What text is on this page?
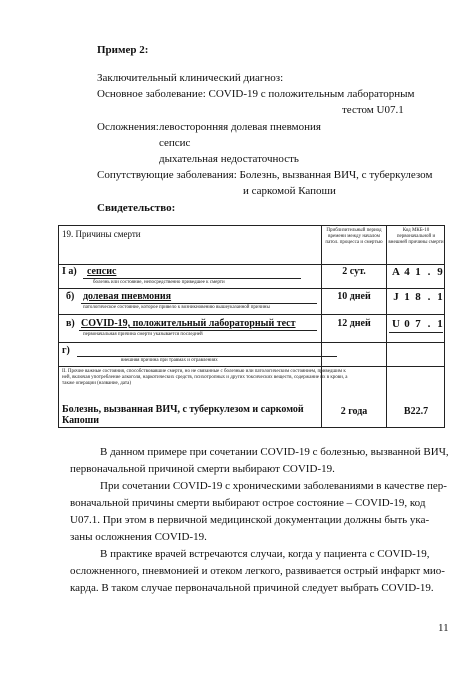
Пример 2:
Заключительный клинический диагноз:
Основное заболевание: COVID-19 с положительным лабораторным
тестом U07.1
Осложнения: левосторонняя долевая пневмония
сепсис
дыхательная недостаточность
Сопутствующие заболевания: Болезнь, вызванная ВИЧ, с туберкулезом
и саркомой Капоши
Свидетельство:
19. Причины смерти	Приблизительный период времени между началом патол. процесса и смертью
Код МКБ-10 первоначальной и внешней причины смерти
I а) сепсис
болезнь или состояние, непосредственно приведшее к смерти
2 сут.	A 4 1 . 9
б) долевая пневмония
патологическое состояние, которое привело к возникновению вышеуказанной причины
10 дней	J 1 8 . 1
в) COVID-19, положительный лабораторный тест
первоначальная причина смерти указывается последней
12 дней	U 0 7 . 1
г)
внешняя причина при травмах и отравлениях
II. Прочие важные состояния, способствовавшие смерти, но не связанные с болезнью или патологическим состоянием, приведшим к ней, включая употребление алкоголя, наркотических средств, психотропных и других токсических веществ, содержание их в крови, а также операции (название, дата)
Болезнь, вызванная ВИЧ, с туберкулезом и саркомой Капоши
2 года	B22.7
В данном примере при сочетании COVID-19 с болезнью, вызванной ВИЧ,
первоначальной причиной смерти выбирают COVID-19.
При сочетании COVID-19 с хроническими заболеваниями в качестве пер-
воначальной причины смерти выбирают острое состояние – COVID-19, код
U07.1. При этом в первичной медицинской документации должны быть ука-
заны осложнения COVID-19.
В практике врачей встречаются случаи, когда у пациента с COVID-19,
осложненного, пневмонией и отеком легкого, развивается острый инфаркт мио-
карда. В таком случае первоначальной причиной следует выбрать COVID-19.
11
